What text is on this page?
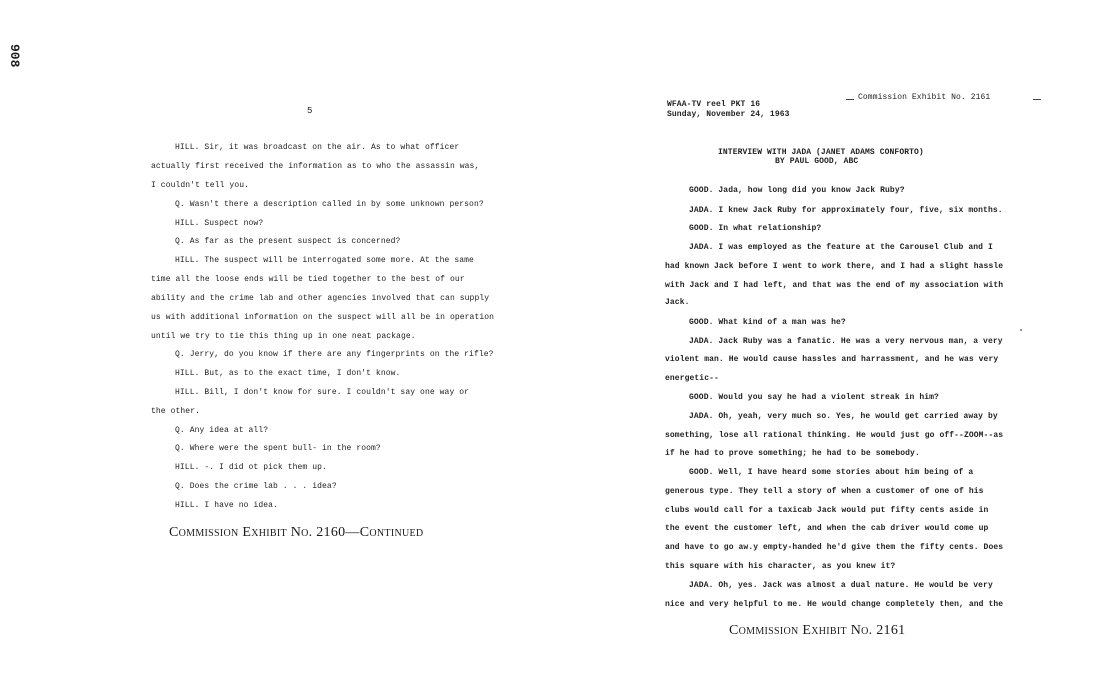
908
5
HILL. Sir, it was broadcast on the air. As to what officer
actually first received the information as to who the assassin was,
I couldn't tell you.
Q. Wasn't there a description called in by some unknown person?
HILL. Suspect now?
Q. As far as the present suspect is concerned?
HILL. The suspect will be interrogated some more. At the same
time all the loose ends will be tied together to the best of our
ability and the crime lab and other agencies involved that can supply
us with additional information on the suspect will all be in operation
until we try to tie this thing up in one neat package.
Q. Jerry, do you know if there are any fingerprints on the rifle?
HILL. But, as to the exact time, I don't know.
HILL. Bill, I don't know for sure. I couldn't say one way or
the other.
Q. Any idea at all?
Q. Where were the spent bull- in the room?
HILL. -. I did ot pick them up.
Q. Does the crime lab . . . idea?
HILL. I have no idea.
Commission Exhibit No. 2160—Continued
Commission Exhibit No. 2161
WFAA-TV reel PKT 16
Sunday, November 24, 1963
INTERVIEW WITH JADA (JANET ADAMS CONFORTO)
BY PAUL GOOD, ABC
GOOD. Jada, how long did you know Jack Ruby?
JADA. I knew Jack Ruby for approximately four, five, six months.
GOOD. In what relationship?
JADA. I was employed as the feature at the Carousel Club and I
had known Jack before I went to work there, and I had a slight hassle
with Jack and I had left, and that was the end of my association with
Jack.
GOOD. What kind of a man was he?
JADA. Jack Ruby was a fanatic. He was a very nervous man, a very
violent man. He would cause hassles and harrassment, and he was very
energetic--
GOOD. Would you say he had a violent streak in him?
JADA. Oh, yeah, very much so. Yes, he would get carried away by
something, lose all rational thinking. He would just go off--ZOOM--as
if he had to prove something; he had to be somebody.
GOOD. Well, I have heard some stories about him being of a
generous type. They tell a story of when a customer of one of his
clubs would call for a taxicab Jack would put fifty cents aside in
the event the customer left, and when the cab driver would come up
and have to go aw.y empty-handed he'd give them the fifty cents. Does
this square with his character, as you knew it?
JADA. Oh, yes. Jack was almost a dual nature. He would be very
nice and very helpful to me. He would change completely then, and the
Commission Exhibit No. 2161
